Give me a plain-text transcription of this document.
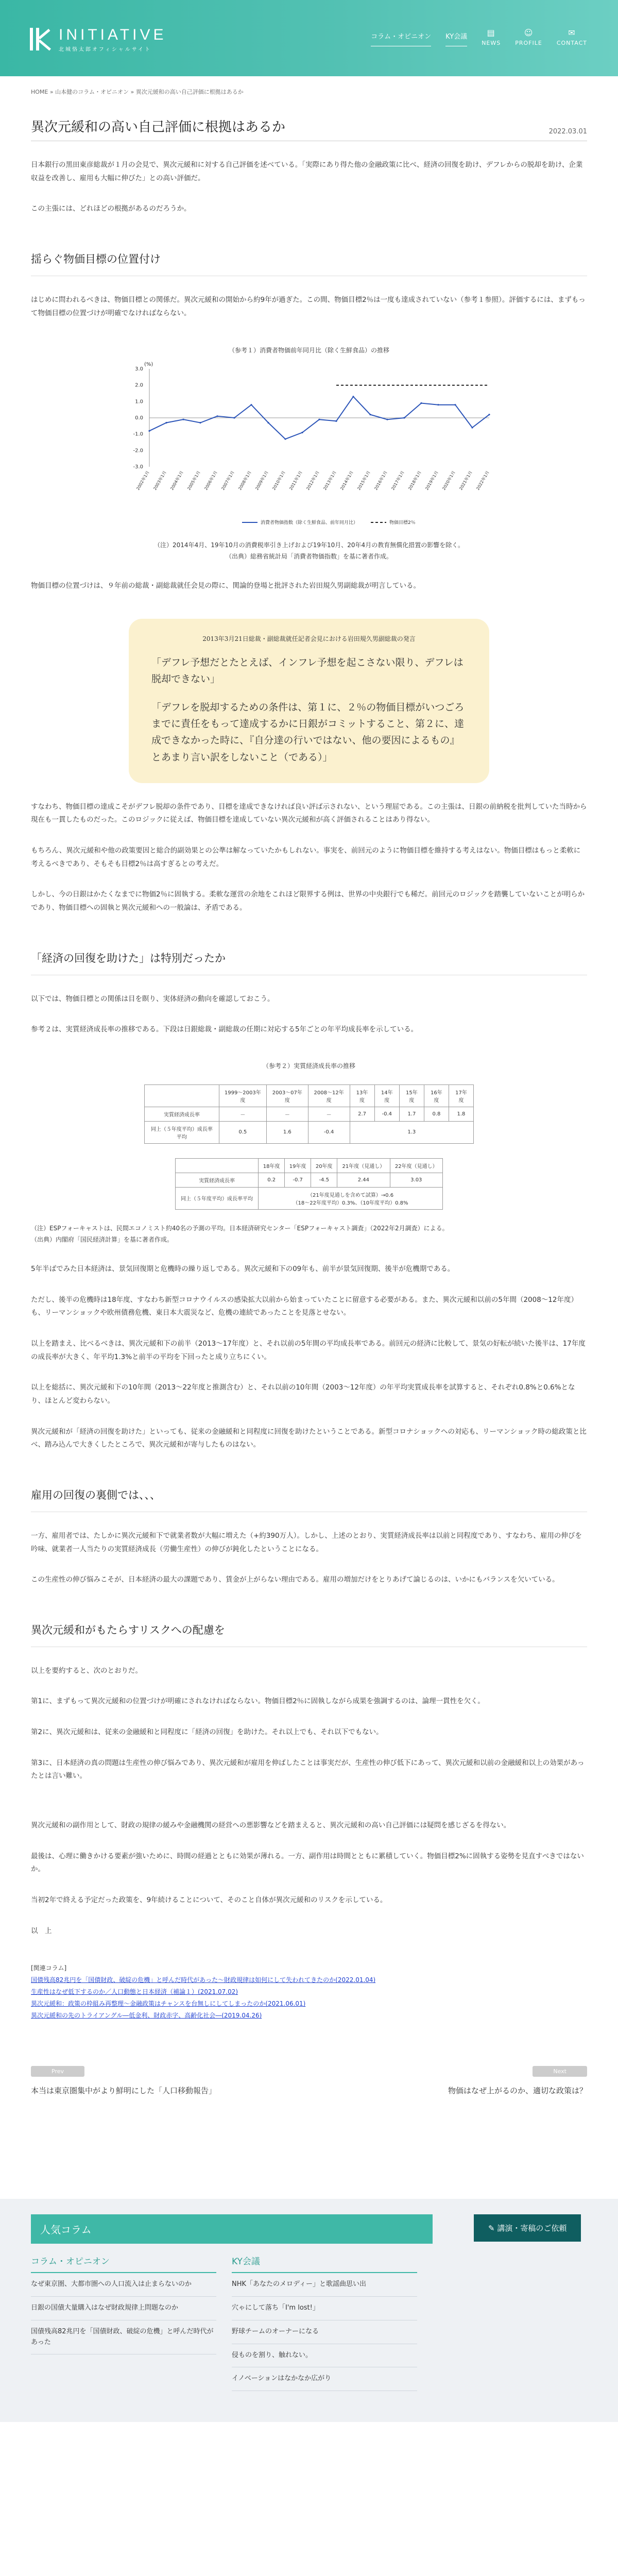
INITIATIVE
北城恪太郎オフィシャルサイト
コラム・オピニオン KY会議	▤
NEWS
☺
PROFILE
✉
CONTACT
HOME » 山本健のコラム・オピニオン » 異次元緩和の高い自己評価に根拠はあるか
異次元緩和の高い自己評価に根拠はあるか	2022.03.01

日本銀行の黒田東彦総裁が１月の会見で、異次元緩和に対する自己評価を述べている。「実際にあり得た他の金融政策に比べ、経済の回復を助け、デフレからの脱却を助け、企業収益を改善し、雇用も大幅に伸びた」との高い評価だ。

この主張には、どれほどの根拠があるのだろうか。

揺らぐ物価目標の位置付け

はじめに問われるべきは、物価目標との関係だ。異次元緩和の開始から約9年が過ぎた。この間、物価目標2％は一度も達成されていない（参考１参照）。評価するには、まずもって物価目標の位置づけが明確でなければならない。

（参考１）消費者物価前年同月比（除く生鮮食品）の推移
(%)
3.0
2.0
1.0
0.0
-1.0
-2.0
-3.0
2002年1月 2003年1月 2004年1月 2005年1月 2006年1月 2007年1月 2008年1月 2009年1月 2010年1月 2011年1月 2012年1月 2013年1月 2014年1月 2015年1月 2016年1月 2017年1月 2018年1月 2019年1月 2020年1月 2021年1月 2022年1月
消費者物価指数（除く生鮮食品、前年同月比）	物価目標2％
（注）2014年4月、19年10月の消費税率引き上げおよび19年10月、20年4月の教育無償化措置の影響を除く。
（出典）総務省統計局「消費者物価指数」を基に著者作成。

物価目標の位置づけは、９年前の総裁・副総裁就任会見の際に、関論的登場と批評された岩田規久男副総裁が明言している。

2013年3月21日総裁・副総裁就任記者会見における岩田規久男副総裁の発言
「デフレ予想だとたとえば、インフレ予想を起こさない限り、デフレは脱却できない」
「デフレを脱却するための条件は、第１に、２％の物価目標がいつごろまでに責任をもって達成するかに日銀がコミットすること、第２に、達成できなかった時に、『自分達の行いではない、他の要因によるもの』とあまり言い訳をしないこと（である）」

すなわち、物価目標の達成こそがデフレ脱却の条件であり、目標を達成できなければ良い評ば示されない、という理屈である。この主張は、日銀の前納税を批判していた当時から現在も一貫したものだった。このロジックに従えば、物価目標を達成していない異次元緩和が高く評価されることはあり得ない。

もちろん、異次元緩和や他の政策要因と総合的副効果との公準は解なっていたかもしれない。事実を、前回元のように物価目標を維持する考えはない。物価目標はもっと柔軟に考えるべきであり、そもそも目標2％は高すぎるとの考えだ。

しかし、今の日銀はかたくなまでに物価2％に固執する。柔軟な運営の余地をこれほど限界する例は、世界の中央銀行でも稀だ。前回元のロジックを踏襲していないことが明らかであり、物価目標への固執と異次元緩和への一般論は、矛盾である。

「経済の回復を助けた」は特別だったか

以下では、物価目標との関係は目を瞑り、実体経済の動向を確認しておこう。

参考２は、実質経済成長率の推移である。下段は日銀総裁・副総裁の任期に対応する5年ごとの年平均成長率を示している。

（参考２）実質経済成長率の推移
	1999～2003年度	2003～07年度	2008～12年度	13年度	14年度	15年度	16年度	17年度
実質経済成長率	－	－	－	2.7	-0.4	1.7	0.8	1.8
同上（５年度平均）成長率平均	0.5	1.6	-0.4	1.3				
	18年度	19年度	20年度	21年度（見通し）	22年度（見通し）
実質経済成長率	0.2	-0.7	-4.5	2.44	3.03
同上（５年度平均）成長率平均	（21年度見通しを含めて試算）→0.6
（18～22年度平均）0.3%、（10年度平均）0.8%				
（注）ESPフォーキャストは、民間エコノミスト約40名の予測の平均。日本経済研究センター「ESPフォーキャスト調査」（2022年2月調査）による。
（出典）内閣府「国民経済計算」を基に著者作成。

5年半ばでみた日本経済は、景気回復期と危機時の繰り返しである。異次元緩和下の09年も、前半が景気回復期、後半が危機期である。

ただし、後半の危機時は18年度、すなわち新型コロナウイルスの感染拡大以前から始まっていたことに留意する必要がある。また、異次元緩和以前の5年間（2008〜12年度）も、リーマンショックや欧州債務危機、東日本大震災など、危機の連続であったことを見落とせない。

以上を踏まえ、比べるべきは、異次元緩和下の前半（2013〜17年度）と、それ以前の5年間の平均成長率である。前回元の経済に比較して、景気の好転が続いた後半は、17年度の成長率が大きく、年平均1.3%と前半の平均を下回ったと成り立ちにくい。

以上を総括に、異次元緩和下の10年間（2013〜22年度と推測含む）と、それ以前の10年間（2003〜12年度）の年平均実質成長率を試算すると、それぞれ0.8%と0.6%となり、ほとんど変わらない。

異次元緩和が「経済の回復を助けた」といっても、従来の金融緩和と同程度に回復を助けたということである。新型コロナショックへの対応も、リーマンショック時の総政策と比べ、踏み込んで大きくしたところで、異次元緩和が寄与したものはない。

雇用の回復の裏側では、、、

一方、雇用者では、たしかに異次元緩和下で就業者数が大幅に増えた（+約390万人）。しかし、上述のとおり、実質経済成長率は以前と同程度であり、すなわち、雇用の伸びを吟味、就業者一人当たりの実質経済成長（労働生産性）の伸びが鈍化したということになる。

この生産性の伸び悩みこそが、日本経済の最大の課題であり、賃金が上がらない理由である。雇用の増加だけをとりあげて論じるのは、いかにもバランスを欠いている。

異次元緩和がもたらすリスクへの配慮を

以上を要約すると、次のとおりだ。

第1に、まずもって異次元緩和の位置づけが明確にされなければならない。物価目標2％に固執しながら成果を強調するのは、論理一貫性を欠く。

第2に、異次元緩和は、従来の金融緩和と同程度に「経済の回復」を助けた。それ以上でも、それ以下でもない。

第3に、日本経済の真の問題は生産性の伸び悩みであり、異次元緩和が雇用を伸ばしたことは事実だが、生産性の伸び低下にあって、異次元緩和以前の金融緩和以上の効果があったとは言い難い。

異次元緩和の副作用として、財政の規律の緩みや金融機関の経営への悪影響などを踏まえると、異次元緩和の高い自己評価には疑問を感じざるを得ない。

最後は、心理に働きかける要素が強いために、時間の経過とともに効果が薄れる。一方、副作用は時間とともに累積していく。物価目標2%に固執する姿勢を見直すべきではないか。

当初2年で終える予定だった政策を、9年続けることについて、そのこと自体が異次元緩和のリスクを示している。

以　上

[関連コラム]
国債残高82兆円を「国債財政、破綻の危機」と呼んだ時代があった〜財政規律は如何にして失われてきたのか(2022.01.04)
生産性はなぜ低下するのか／人口動態と日本経済（補論１）(2021.07.02)
異次元緩和：政策の枠組み再整理〜金融政策はチャンスを台無しにしてしまったのか(2021.06.01)
異次元緩和の先のトライアングル―低金利、財政赤字、高齢化社会―(2019.04.26)
Prev
本当は東京圏集中がより鮮明にした「人口移動報告」
Next
物価はなぜ上がるのか、適切な政策は？
人気コラム
コラム・オピニオン
なぜ東京圏、大都市圏への人口流入は止まらないのか
日銀の国債大量購入はなぜ財政規律上問題なのか
国債残高82兆円を「国債財政、破綻の危機」と呼んだ時代があった
KY会議
NHK「あなたのメロディー」と歌謡曲思い出
穴ゃにして落ち「I'm lost!」
野球チームのオーナーになる
侵ものを割り、触れない。
イノベーションはなかなか広がり
✎ 講演・寄稿のご依頼
